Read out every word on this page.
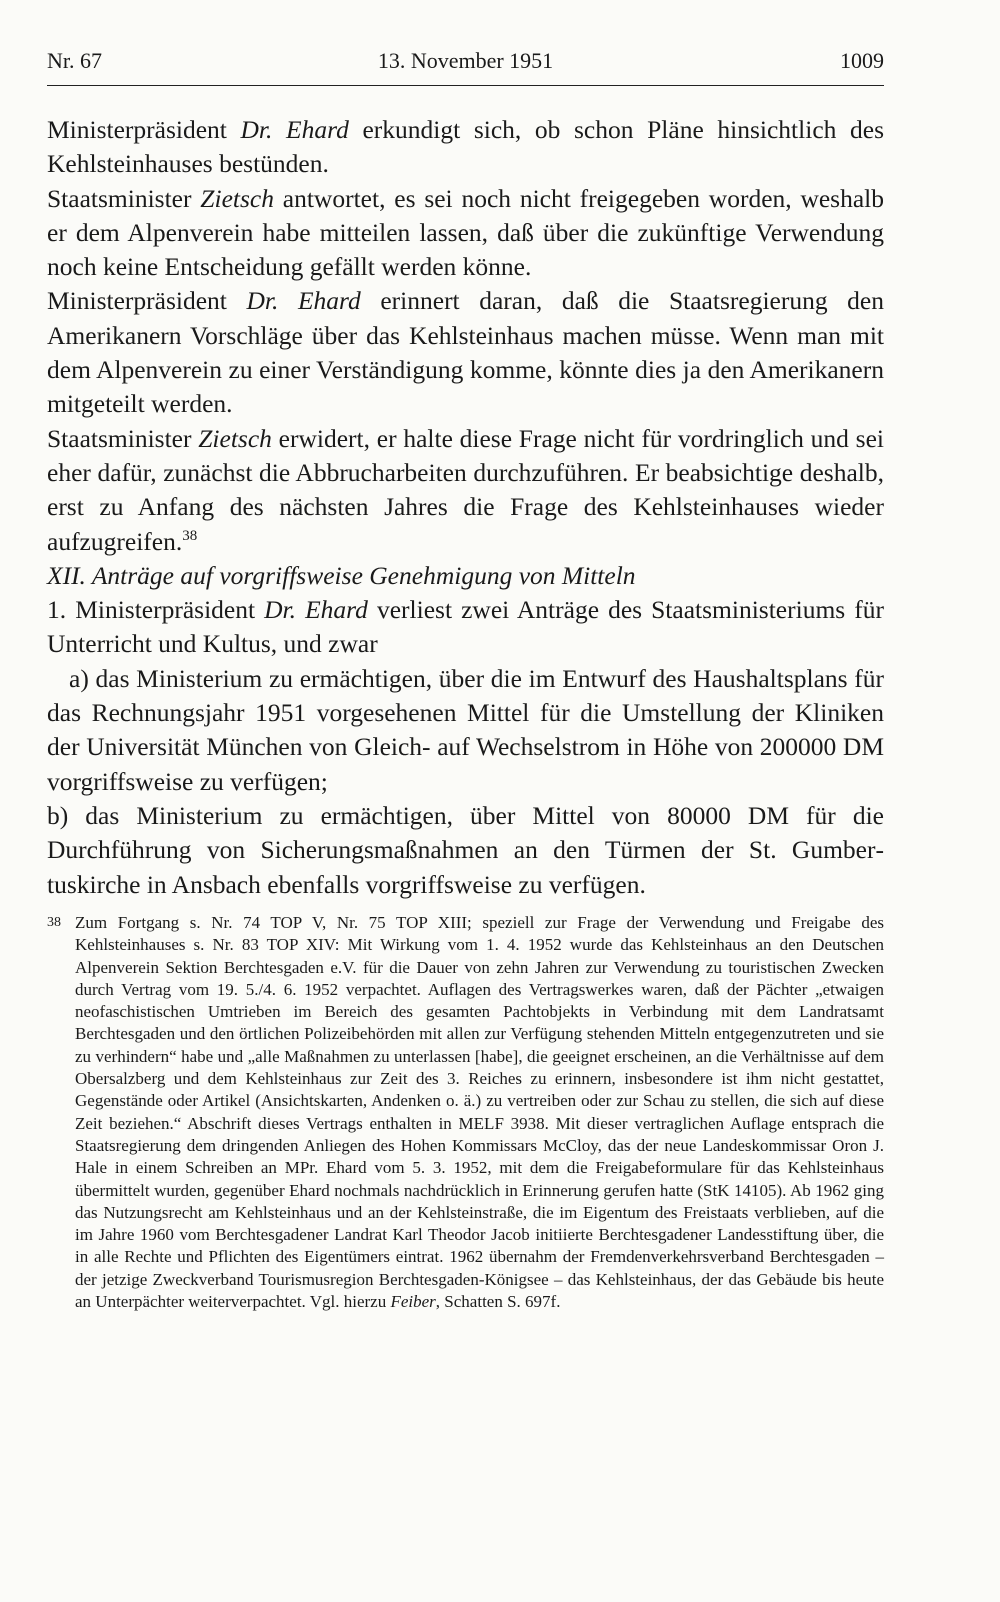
Nr. 67	13. November 1951	1009

Ministerpräsident Dr. Ehard erkundigt sich, ob schon Pläne hinsichtlich des Kehlsteinhauses bestünden.

Staatsminister Zietsch antwortet, es sei noch nicht freigegeben worden, weshalb er dem Alpenverein habe mitteilen lassen, daß über die zukünftige Verwendung noch keine Entscheidung gefällt werden könne.

Ministerpräsident Dr. Ehard erinnert daran, daß die Staatsregierung den Amerikanern Vorschläge über das Kehlsteinhaus machen müsse. Wenn man mit dem Alpenverein zu einer Verständigung komme, könnte dies ja den Amerikanern mitgeteilt werden.

Staatsminister Zietsch erwidert, er halte diese Frage nicht für vordringlich und sei eher dafür, zunächst die Abbrucharbeiten durchzuführen. Er beabsichtige deshalb, erst zu Anfang des nächsten Jahres die Frage des Kehlsteinhauses wieder aufzugreifen.$^{38}$

XII. Anträge auf vorgriffsweise Genehmigung von Mitteln

1. Ministerpräsident Dr. Ehard verliest zwei Anträge des Staatsministeriums für Unterricht und Kultus, und zwar

a) das Ministerium zu ermächtigen, über die im Entwurf des Haushaltsplans für das Rechnungsjahr 1951 vorgesehenen Mittel für die Umstellung der Kliniken der Universität München von Gleich- auf Wechselstrom in Höhe von 200000 DM vorgriffsweise zu verfügen;

b) das Ministerium zu ermächtigen, über Mittel von 80000 DM für die Durchführung von Sicherungsmaßnahmen an den Türmen der St. Gumbertuskirche in Ansbach ebenfalls vorgriffsweise zu verfügen.

38 Zum Fortgang s. Nr. 74 TOP V, Nr. 75 TOP XIII; speziell zur Frage der Verwendung und Freigabe des Kehlsteinhauses s. Nr. 83 TOP XIV: Mit Wirkung vom 1. 4. 1952 wurde das Kehlsteinhaus an den Deutschen Alpenverein Sektion Berchtesgaden e.V. für die Dauer von zehn Jahren zur Verwendung zu touristischen Zwecken durch Vertrag vom 19. 5./4. 6. 1952 verpachtet. Auflagen des Vertragswerkes waren, daß der Pächter „etwaigen neofaschistischen Umtrieben im Bereich des gesamten Pachtobjekts in Verbindung mit dem Landratsamt Berchtesgaden und den örtlichen Polizeibehörden mit allen zur Verfügung stehenden Mitteln entgegenzutreten und sie zu verhindern“ habe und „alle Maßnahmen zu unterlassen [habe], die geeignet erscheinen, an die Verhältnisse auf dem Obersalzberg und dem Kehlsteinhaus zur Zeit des 3. Reiches zu erinnern, insbesondere ist ihm nicht gestattet, Gegenstände oder Artikel (Ansichtskarten, Andenken o. ä.) zu vertreiben oder zur Schau zu stellen, die sich auf diese Zeit beziehen.“ Abschrift dieses Vertrags enthalten in MELF 3938. Mit dieser vertraglichen Auflage entsprach die Staatsregierung dem dringenden Anliegen des Hohen Kommissars McCloy, das der neue Landeskommissar Oron J. Hale in einem Schreiben an MPr. Ehard vom 5. 3. 1952, mit dem die Freigabeformulare für das Kehlsteinhaus übermittelt wurden, gegenüber Ehard nochmals nachdrücklich in Erinnerung gerufen hatte (StK 14105). Ab 1962 ging das Nutzungsrecht am Kehlsteinhaus und an der Kehlsteinstraße, die im Eigentum des Freistaats verblieben, auf die im Jahre 1960 vom Berchtesgadener Landrat Karl Theodor Jacob initiierte Berchtesgadener Landesstiftung über, die in alle Rechte und Pflichten des Eigentümers eintrat. 1962 übernahm der Fremdenverkehrsverband Berchtesgaden – der jetzige Zweckverband Tourismusregion Berchtesgaden-Königsee – das Kehlsteinhaus, der das Gebäude bis heute an Unterpächter weiterverpachtet. Vgl. hierzu Feiber, Schatten S. 697f.
